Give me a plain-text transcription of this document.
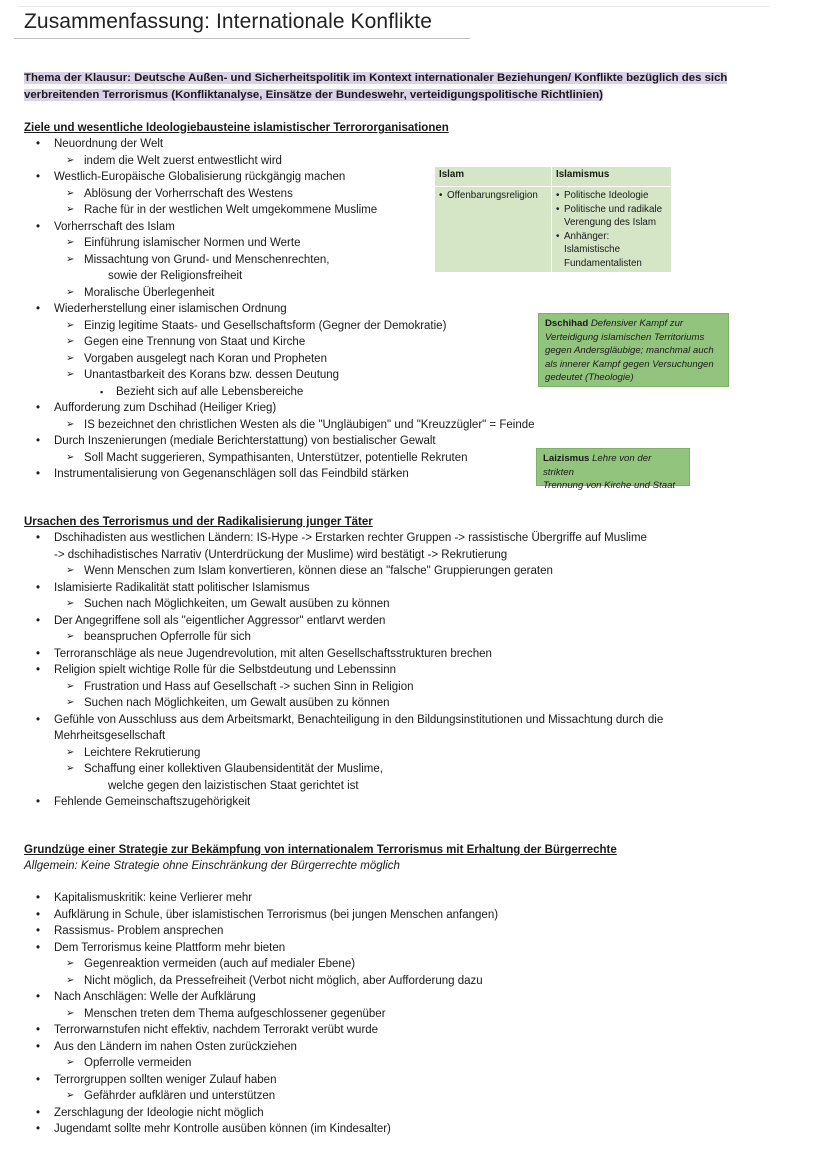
Zusammenfassung: Internationale Konflikte
Thema der Klausur: Deutsche Außen- und Sicherheitspolitik im Kontext internationaler Beziehungen/ Konflikte bezüglich des sich verbreitenden Terrorismus (Konfliktanalyse, Einsätze der Bundeswehr, verteidigungspolitische Richtlinien)
Ziele und wesentliche Ideologiebausteine islamistischer Terrororganisationen
• Neuordnung der Welt
➢ indem die Welt zuerst entwestlicht wird
• Westlich-Europäische Globalisierung rückgängig machen
➢ Ablösung der Vorherrschaft des Westens
➢ Rache für in der westlichen Welt umgekommene Muslime
• Vorherrschaft des Islam
➢ Einführung islamischer Normen und Werte
➢ Missachtung von Grund- und Menschenrechten,
sowie der Religionsfreiheit
➢ Moralische Überlegenheit
• Wiederherstellung einer islamischen Ordnung
➢ Einzig legitime Staats- und Gesellschaftsform (Gegner der Demokratie)
➢ Gegen eine Trennung von Staat und Kirche
➢ Vorgaben ausgelegt nach Koran und Propheten
➢ Unantastbarkeit des Korans bzw. dessen Deutung
▪ Bezieht sich auf alle Lebensbereiche
• Aufforderung zum Dschihad (Heiliger Krieg)
➢ IS bezeichnet den christlichen Westen als die "Ungläubigen" und "Kreuzzügler" = Feinde
• Durch Inszenierungen (mediale Berichterstattung) von bestialischer Gewalt
➢ Soll Macht suggerieren, Sympathisanten, Unterstützer, potentielle Rekruten
• Instrumentalisierung von Gegenanschlägen soll das Feindbild stärken
Islam	Islamismus

• Offenbarungsreligion	• Politische Ideologie
• Politische und radikale
Verengung des Islam
• Anhänger: Islamistische
Fundamentalisten
Dschihad Defensiver Kampf zur
Verteidigung islamischen Territoriums
gegen Andersgläubige; manchmal auch
als innerer Kampf gegen Versuchungen
gedeutet (Theologie)
Laizismus Lehre von der strikten
Trennung von Kirche und Staat
Ursachen des Terrorismus und der Radikalisierung junger Täter
• Dschihadisten aus westlichen Ländern: IS-Hype -> Erstarken rechter Gruppen -> rassistische Übergriffe auf Muslime
-> dschihadistisches Narrativ (Unterdrückung der Muslime) wird bestätigt -> Rekrutierung
➢ Wenn Menschen zum Islam konvertieren, können diese an "falsche" Gruppierungen geraten
• Islamisierte Radikalität statt politischer Islamismus
➢ Suchen nach Möglichkeiten, um Gewalt ausüben zu können
• Der Angegriffene soll als "eigentlicher Aggressor" entlarvt werden
➢ beanspruchen Opferrolle für sich
• Terroranschläge als neue Jugendrevolution, mit alten Gesellschaftsstrukturen brechen
• Religion spielt wichtige Rolle für die Selbstdeutung und Lebenssinn
➢ Frustration und Hass auf Gesellschaft -> suchen Sinn in Religion
➢ Suchen nach Möglichkeiten, um Gewalt ausüben zu können
• Gefühle von Ausschluss aus dem Arbeitsmarkt, Benachteiligung in den Bildungsinstitutionen und Missachtung durch die
Mehrheitsgesellschaft
➢ Leichtere Rekrutierung
➢ Schaffung einer kollektiven Glaubensidentität der Muslime,
welche gegen den laizistischen Staat gerichtet ist
• Fehlende Gemeinschaftszugehörigkeit
Grundzüge einer Strategie zur Bekämpfung von internationalem Terrorismus mit Erhaltung der Bürgerrechte
Allgemein: Keine Strategie ohne Einschränkung der Bürgerrechte möglich
• Kapitalismuskritik: keine Verlierer mehr
• Aufklärung in Schule, über islamistischen Terrorismus (bei jungen Menschen anfangen)
• Rassismus- Problem ansprechen
• Dem Terrorismus keine Plattform mehr bieten
➢ Gegenreaktion vermeiden (auch auf medialer Ebene)
➢ Nicht möglich, da Pressefreiheit (Verbot nicht möglich, aber Aufforderung dazu
• Nach Anschlägen: Welle der Aufklärung
➢ Menschen treten dem Thema aufgeschlossener gegenüber
• Terrorwarnstufen nicht effektiv, nachdem Terrorakt verübt wurde
• Aus den Ländern im nahen Osten zurückziehen
➢ Opferrolle vermeiden
• Terrorgruppen sollten weniger Zulauf haben
➢ Gefährder aufklären und unterstützen
• Zerschlagung der Ideologie nicht möglich
• Jugendamt sollte mehr Kontrolle ausüben können (im Kindesalter)
